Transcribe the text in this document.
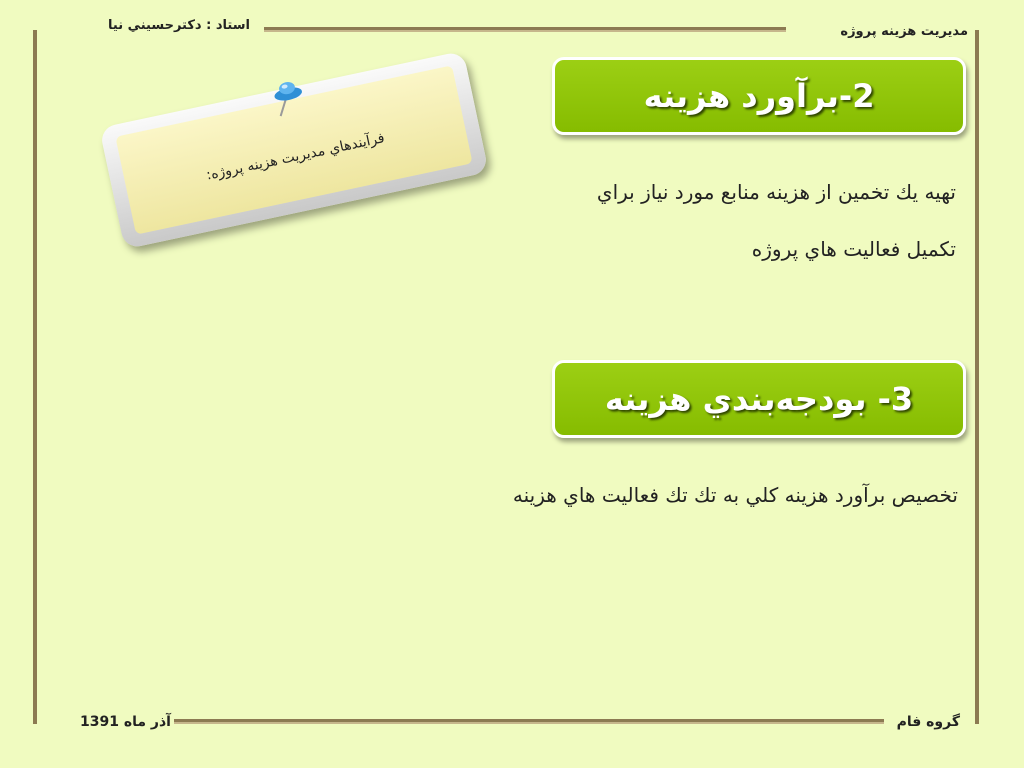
مديريت هزينه پروژه
استاد : دكترحسيني نيا
فرآيندهاي مديريت هزينه پروژه:
2-برآورد هزينه
تهيه يك تخمين از هزينه منابع مورد نياز براي
تكميل فعاليت هاي پروژه
3- بودجه‌بندي هزينه
تخصيص برآورد هزينه كلي به تك تك فعاليت هاي هزينه
گروه فام
آذر ماه 1391
